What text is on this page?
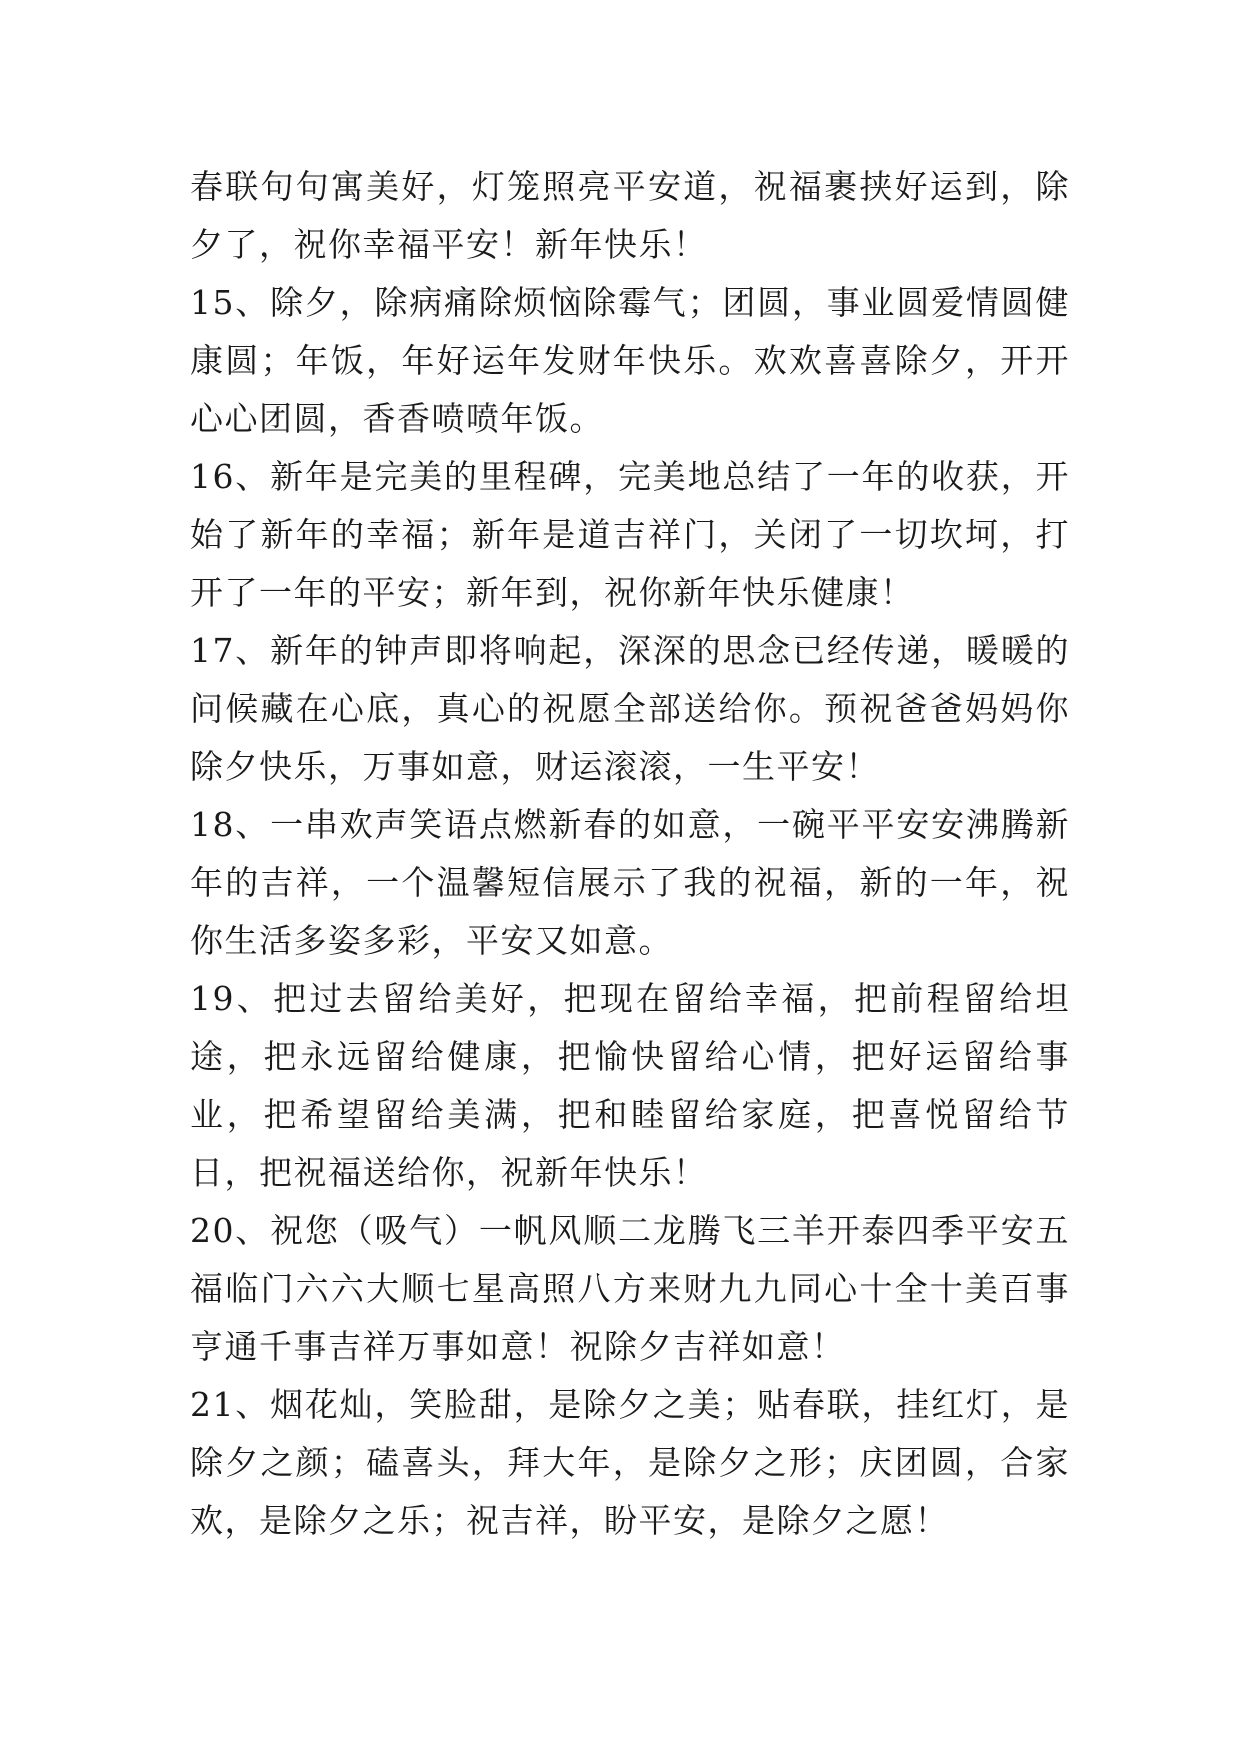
春联句句寓美好，灯笼照亮平安道，祝福裹挟好运到，除夕了，祝你幸福平安！新年快乐！

15、除夕，除病痛除烦恼除霉气；团圆，事业圆爱情圆健康圆；年饭，年好运年发财年快乐。欢欢喜喜除夕，开开心心团圆，香香喷喷年饭。

16、新年是完美的里程碑，完美地总结了一年的收获，开始了新年的幸福；新年是道吉祥门，关闭了一切坎坷，打开了一年的平安；新年到，祝你新年快乐健康！

17、新年的钟声即将响起，深深的思念已经传递，暖暖的问候藏在心底，真心的祝愿全部送给你。预祝爸爸妈妈你除夕快乐，万事如意，财运滚滚，一生平安！

18、一串欢声笑语点燃新春的如意，一碗平平安安沸腾新年的吉祥，一个温馨短信展示了我的祝福，新的一年，祝你生活多姿多彩，平安又如意。

19、把过去留给美好，把现在留给幸福，把前程留给坦途，把永远留给健康，把愉快留给心情，把好运留给事业，把希望留给美满，把和睦留给家庭，把喜悦留给节日，把祝福送给你，祝新年快乐！

20、祝您（吸气）一帆风顺二龙腾飞三羊开泰四季平安五福临门六六大顺七星高照八方来财九九同心十全十美百事亨通千事吉祥万事如意！祝除夕吉祥如意！

21、烟花灿，笑脸甜，是除夕之美；贴春联，挂红灯，是除夕之颜；磕喜头，拜大年，是除夕之形；庆团圆，合家欢，是除夕之乐；祝吉祥，盼平安，是除夕之愿！
